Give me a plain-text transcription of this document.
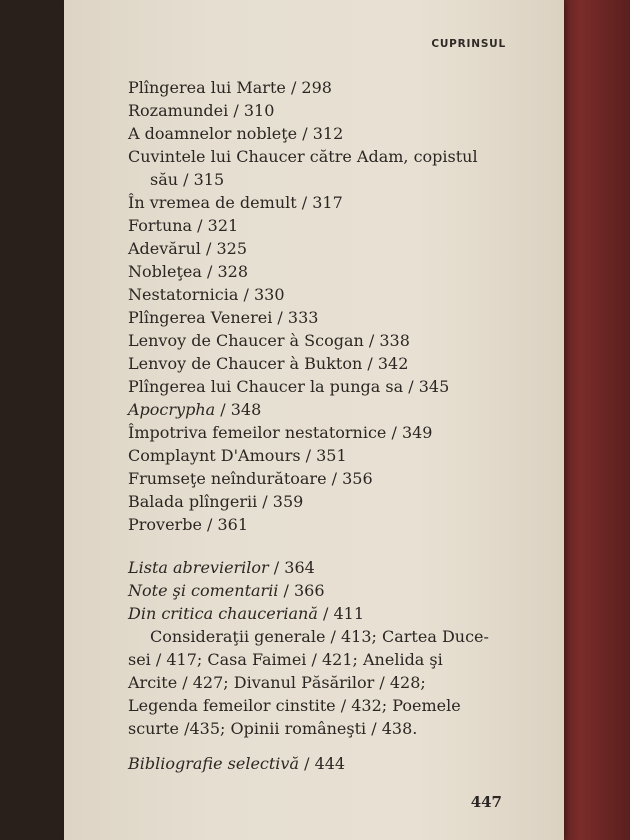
CUPRINSUL
Plîngerea lui Marte / 298
Rozamundei / 310
A doamnelor nobleţe / 312
Cuvintele lui Chaucer către Adam, copistul
său / 315
În vremea de demult / 317
Fortuna / 321
Adevărul / 325
Nobleţea / 328
Nestatornicia / 330
Plîngerea Venerei / 333
Lenvoy de Chaucer à Scogan / 338
Lenvoy de Chaucer à Bukton / 342
Plîngerea lui Chaucer la punga sa / 345
Apocrypha / 348
Împotriva femeilor nestatornice / 349
Complaynt D'Amours / 351
Frumseţe neîndurătoare / 356
Balada plîngerii / 359
Proverbe / 361
Lista abrevierilor / 364
Note şi comentarii / 366
Din critica chauceriană / 411
Consideraţii generale / 413; Cartea Duce-
sei / 417; Casa Faimei / 421; Anelida şi
Arcite / 427; Divanul Păsărilor / 428;
Legenda femeilor cinstite / 432; Poemele
scurte /435; Opinii româneşti / 438.
Bibliografie selectivă / 444
447
